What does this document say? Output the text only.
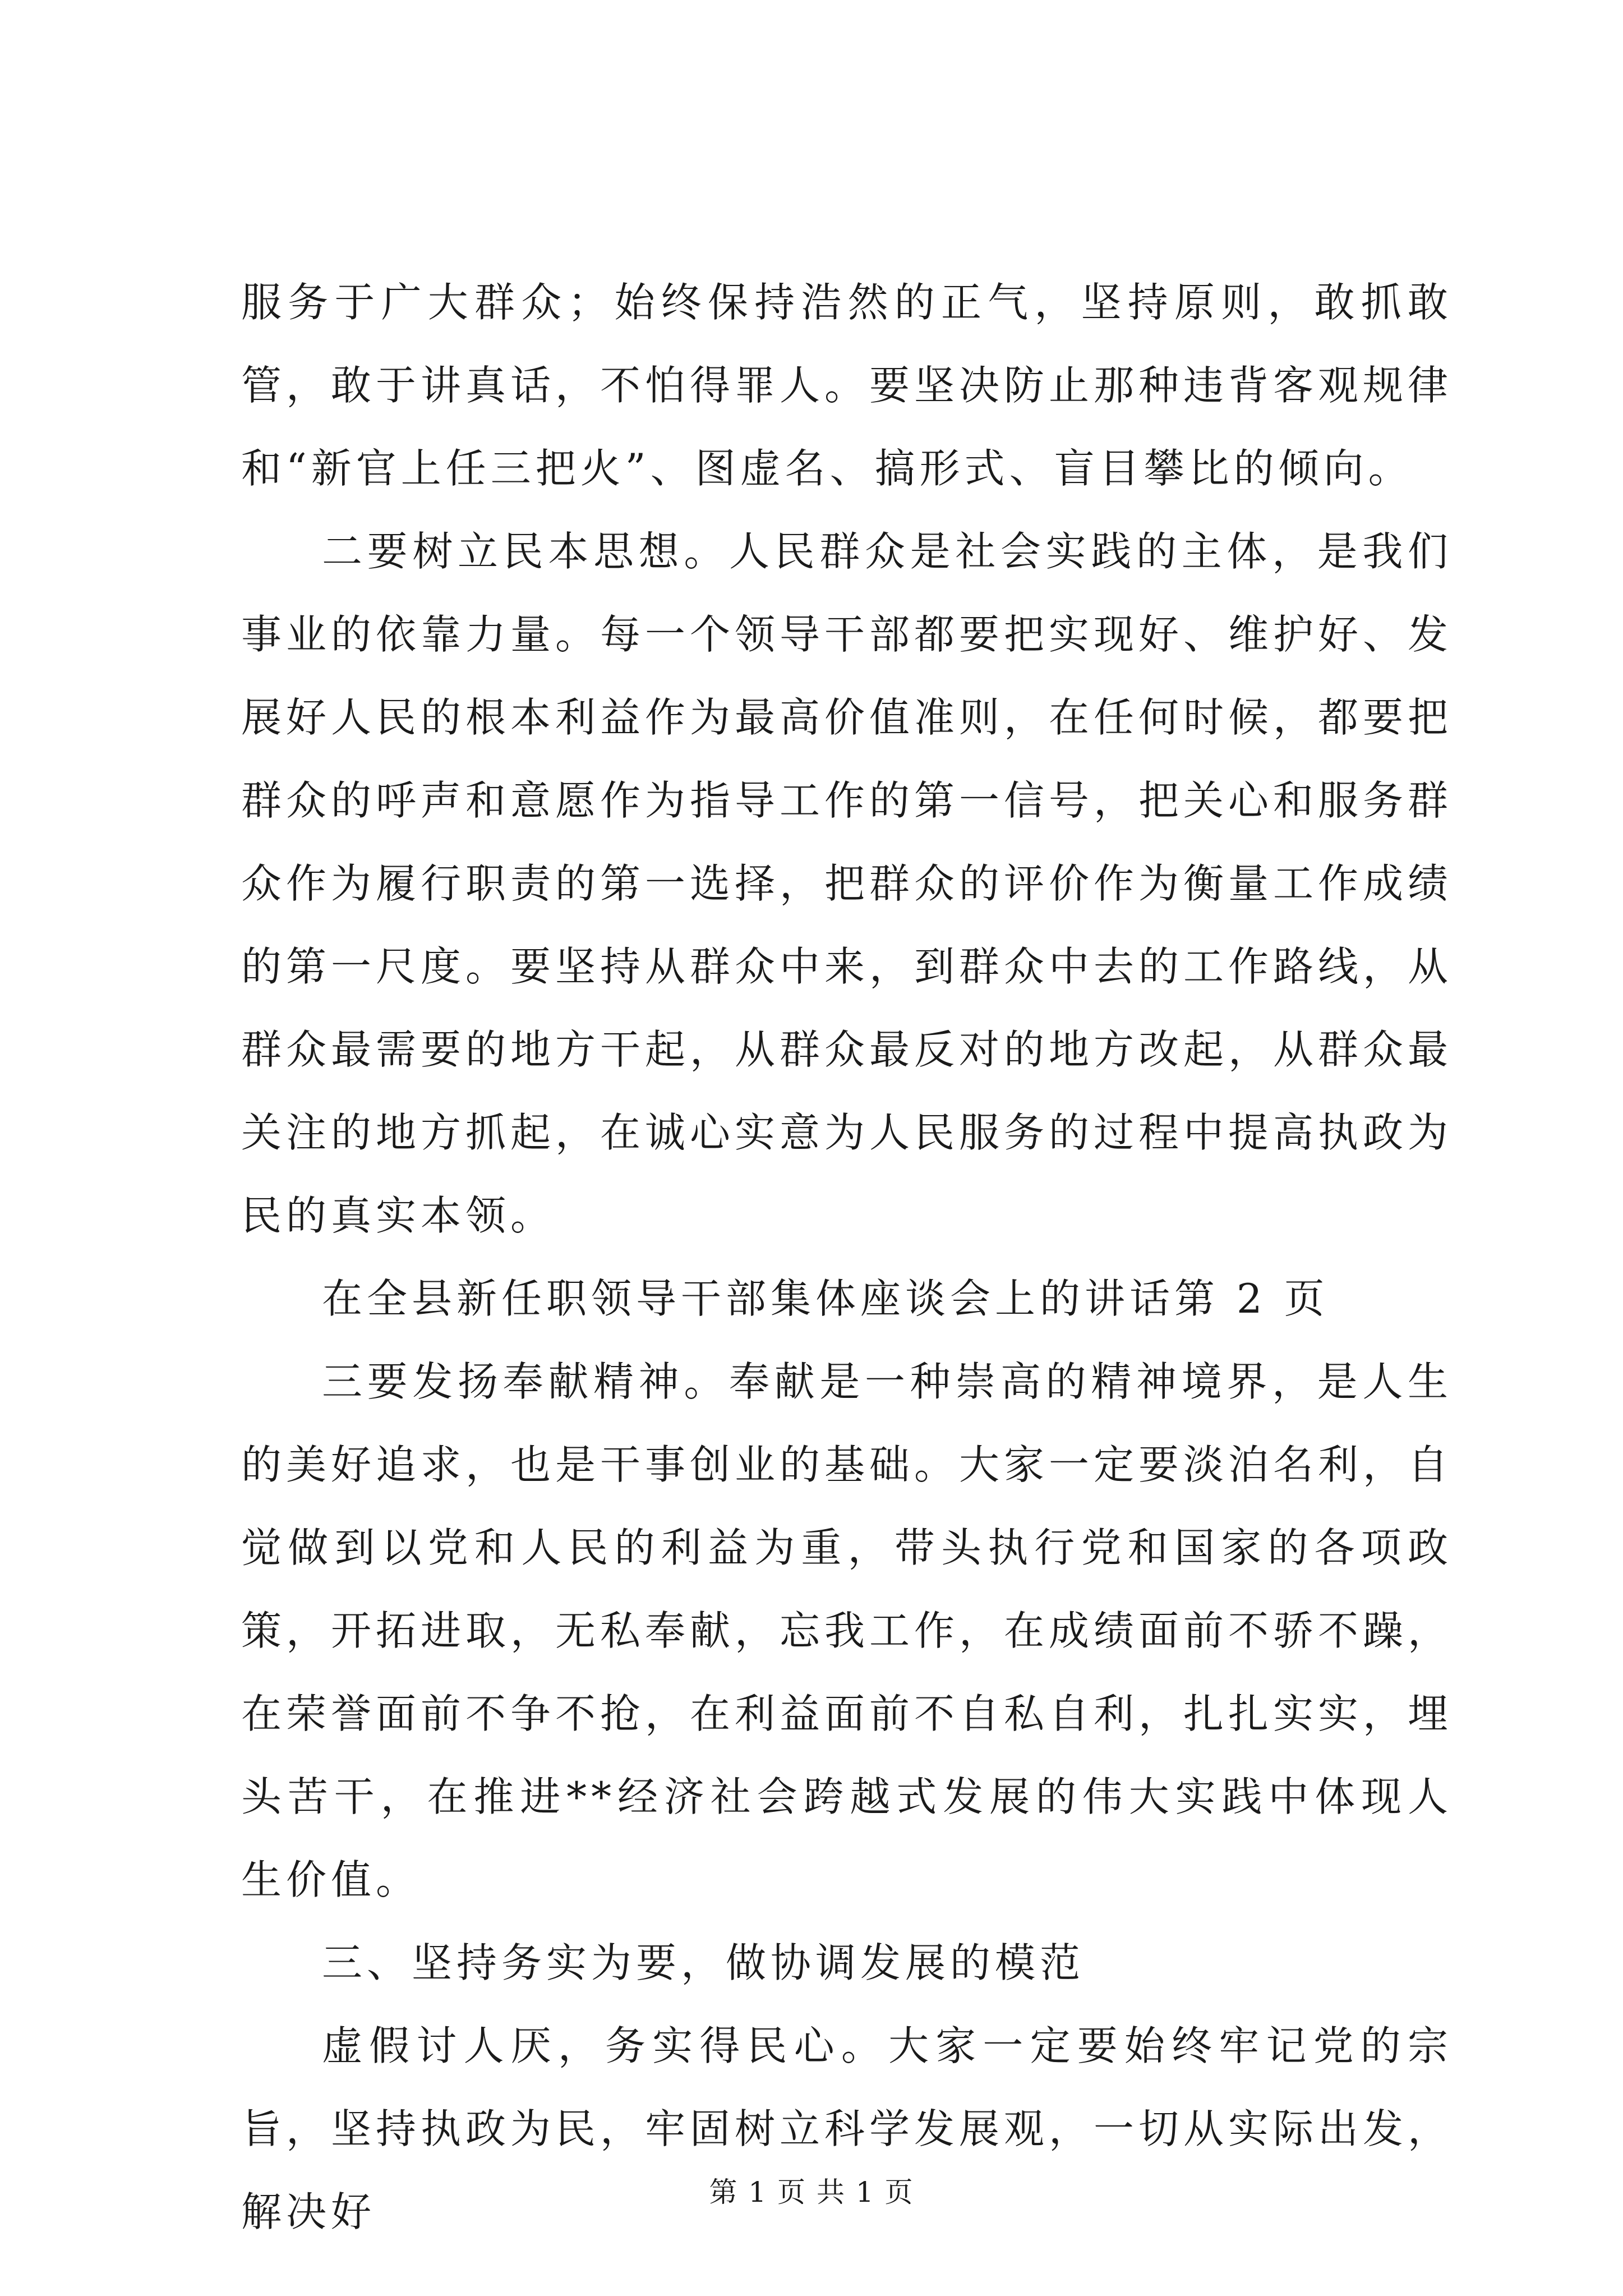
服务于广大群众；始终保持浩然的正气，坚持原则，敢抓敢管，敢于讲真话，不怕得罪人。要坚决防止那种违背客观规律和“新官上任三把火”、图虚名、搞形式、盲目攀比的倾向。

二要树立民本思想。人民群众是社会实践的主体，是我们事业的依靠力量。每一个领导干部都要把实现好、维护好、发展好人民的根本利益作为最高价值准则，在任何时候，都要把群众的呼声和意愿作为指导工作的第一信号，把关心和服务群众作为履行职责的第一选择，把群众的评价作为衡量工作成绩的第一尺度。要坚持从群众中来，到群众中去的工作路线，从群众最需要的地方干起，从群众最反对的地方改起，从群众最关注的地方抓起，在诚心实意为人民服务的过程中提高执政为民的真实本领。

在全县新任职领导干部集体座谈会上的讲话第 2 页

三要发扬奉献精神。奉献是一种崇高的精神境界，是人生的美好追求，也是干事创业的基础。大家一定要淡泊名利，自觉做到以党和人民的利益为重，带头执行党和国家的各项政策，开拓进取，无私奉献，忘我工作，在成绩面前不骄不躁，在荣誉面前不争不抢，在利益面前不自私自利，扎扎实实，埋头苦干，在推进**经济社会跨越式发展的伟大实践中体现人生价值。

三、坚持务实为要，做协调发展的模范

虚假讨人厌，务实得民心。大家一定要始终牢记党的宗旨，坚持执政为民，牢固树立科学发展观，一切从实际出发，解决好	第 1 页 共 1 页
